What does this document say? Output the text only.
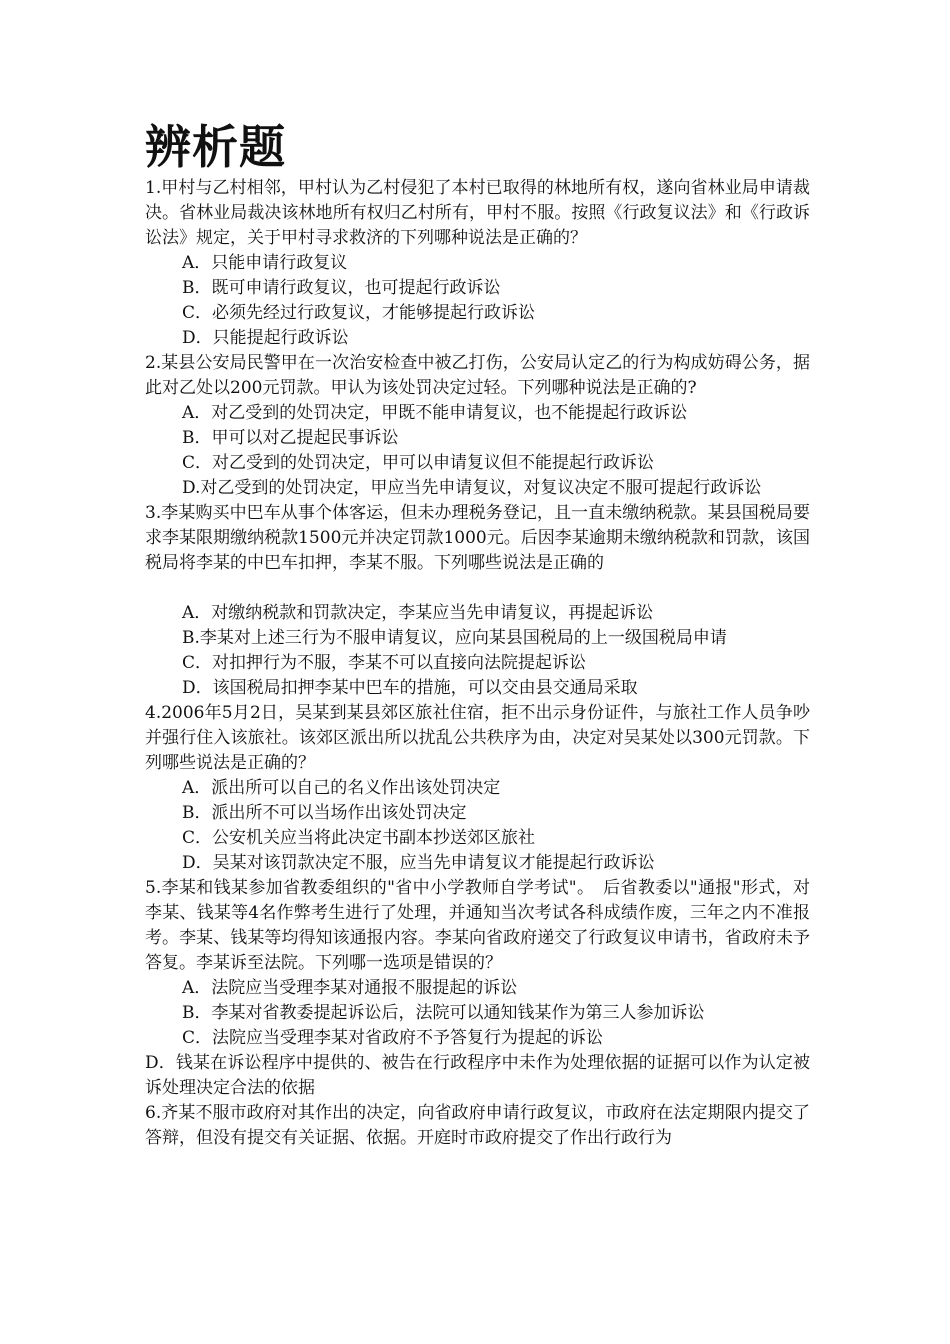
辨析题
1.甲村与乙村相邻，甲村认为乙村侵犯了本村已取得的林地所有权，遂向省林业局申请裁决。省林业局裁决该林地所有权归乙村所有，甲村不服。按照《行政复议法》和《行政诉讼法》规定，关于甲村寻求救济的下列哪种说法是正确的？
A．只能申请行政复议
B．既可申请行政复议，也可提起行政诉讼
C．必须先经过行政复议，才能够提起行政诉讼
D．只能提起行政诉讼
2.某县公安局民警甲在一次治安检查中被乙打伤，公安局认定乙的行为构成妨碍公务，据此对乙处以200元罚款。甲认为该处罚决定过轻。下列哪种说法是正确的?
A．对乙受到的处罚决定，甲既不能申请复议，也不能提起行政诉讼
B．甲可以对乙提起民事诉讼
C．对乙受到的处罚决定，甲可以申请复议但不能提起行政诉讼
D.对乙受到的处罚决定，甲应当先申请复议，对复议决定不服可提起行政诉讼
3.李某购买中巴车从事个体客运，但未办理税务登记，且一直未缴纳税款。某县国税局要求李某限期缴纳税款1500元并决定罚款1000元。后因李某逾期未缴纳税款和罚款，该国税局将李某的中巴车扣押，李某不服。下列哪些说法是正确的
A．对缴纳税款和罚款决定，李某应当先申请复议，再提起诉讼
B.李某对上述三行为不服申请复议，应向某县国税局的上一级国税局申请
C．对扣押行为不服，李某不可以直接向法院提起诉讼
D．该国税局扣押李某中巴车的措施，可以交由县交通局采取
4.2006年5月2日，吴某到某县郊区旅社住宿，拒不出示身份证件，与旅社工作人员争吵并强行住入该旅社。该郊区派出所以扰乱公共秩序为由，决定对吴某处以300元罚款。下列哪些说法是正确的？
A．派出所可以自己的名义作出该处罚决定
B．派出所不可以当场作出该处罚决定
C．公安机关应当将此决定书副本抄送郊区旅社
D．吴某对该罚款决定不服，应当先申请复议才能提起行政诉讼
5.李某和钱某参加省教委组织的"省中小学教师自学考试"。　后省教委以"通报"形式，对李某、钱某等4名作弊考生进行了处理，并通知当次考试各科成绩作废，三年之内不准报考。李某、钱某等均得知该通报内容。李某向省政府递交了行政复议申请书，省政府未予答复。李某诉至法院。下列哪一选项是错误的？
A．法院应当受理李某对通报不服提起的诉讼
B．李某对省教委提起诉讼后，法院可以通知钱某作为第三人参加诉讼
C．法院应当受理李某对省政府不予答复行为提起的诉讼
D．钱某在诉讼程序中提供的、被告在行政程序中未作为处理依据的证据可以作为认定被诉处理决定合法的依据
6.齐某不服市政府对其作出的决定，向省政府申请行政复议，市政府在法定期限内提交了答辩，但没有提交有关证据、依据。开庭时市政府提交了作出行政行为
